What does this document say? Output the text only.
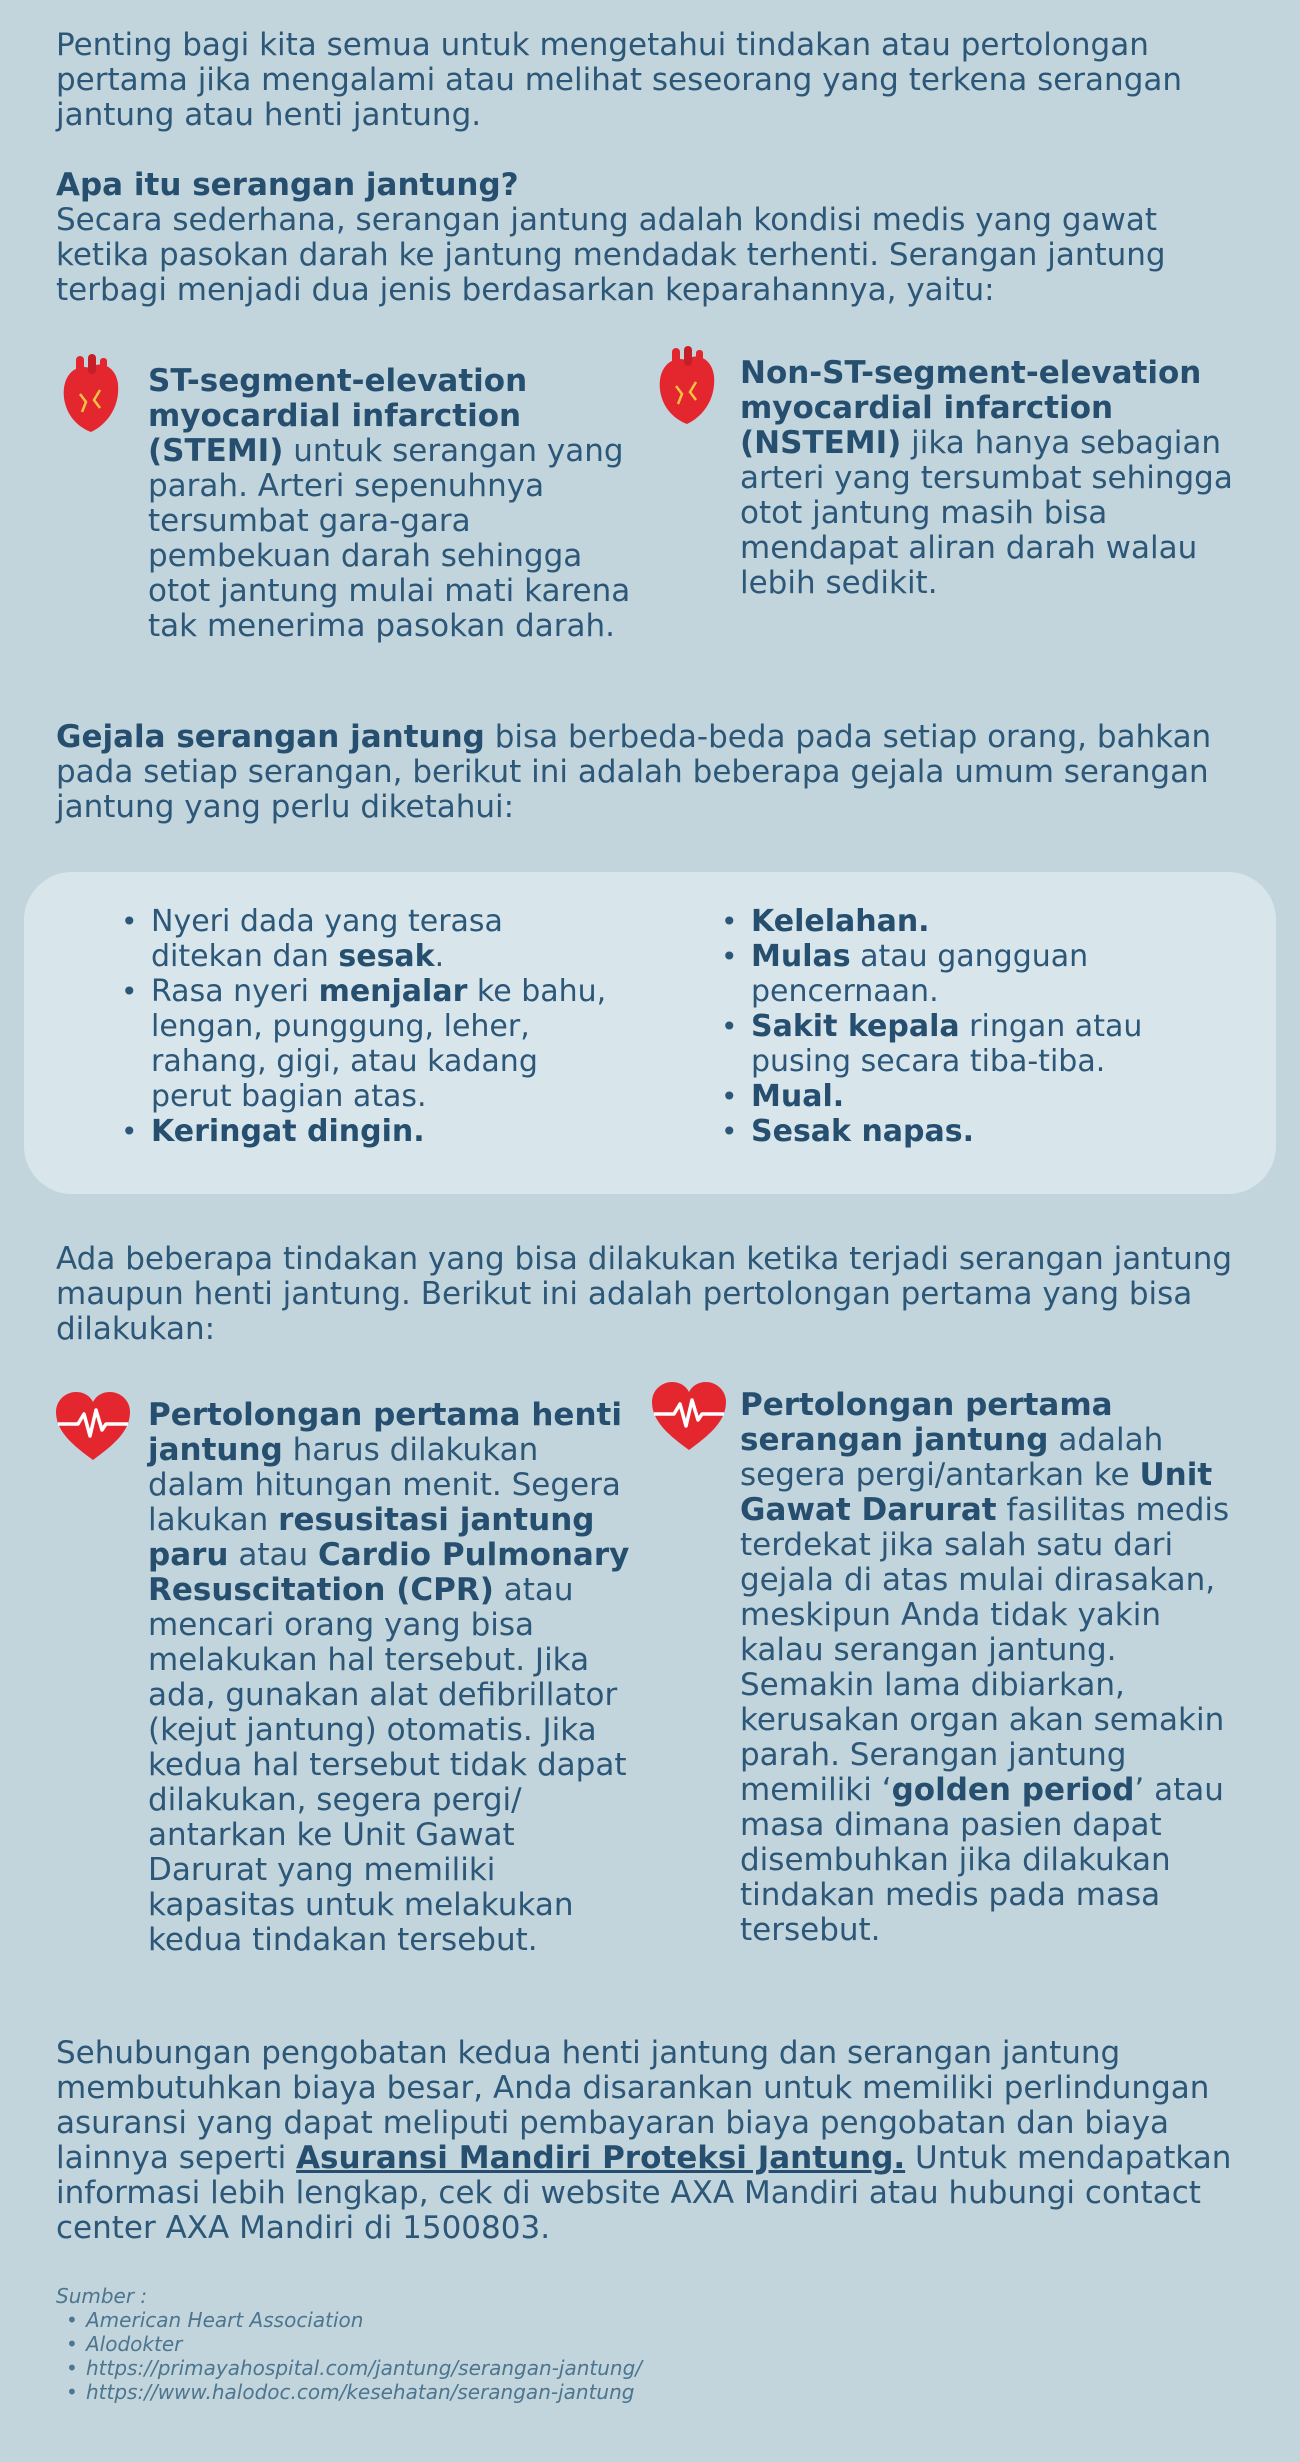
Penting bagi kita semua untuk mengetahui tindakan atau pertolongan pertama jika mengalami atau melihat seseorang yang terkena serangan jantung atau henti jantung.

Apa itu serangan jantung?

Secara sederhana, serangan jantung adalah kondisi medis yang gawat ketika pasokan darah ke jantung mendadak terhenti. Serangan jantung terbagi menjadi dua jenis berdasarkan keparahannya, yaitu:

ST-segment-elevation myocardial infarction (STEMI) untuk serangan yang parah. Arteri sepenuhnya tersumbat gara-gara pembekuan darah sehingga otot jantung mulai mati karena tak menerima pasokan darah.
Non-ST-segment-elevation myocardial infarction (NSTEMI) jika hanya sebagian arteri yang tersumbat sehingga otot jantung masih bisa mendapat aliran darah walau lebih sedikit.
Gejala serangan jantung bisa berbeda-beda pada setiap orang, bahkan pada setiap serangan, berikut ini adalah beberapa gejala umum serangan jantung yang perlu diketahui:
• Nyeri dada yang terasa ditekan dan sesak.
• Rasa nyeri menjalar ke bahu, lengan, punggung, leher, rahang, gigi, atau kadang perut bagian atas.
• Keringat dingin.
• Kelelahan.
• Mulas atau gangguan pencernaan.
• Sakit kepala ringan atau pusing secara tiba-tiba.
• Mual.
• Sesak napas.

Ada beberapa tindakan yang bisa dilakukan ketika terjadi serangan jantung maupun henti jantung. Berikut ini adalah pertolongan pertama yang bisa dilakukan:

Pertolongan pertama henti jantung harus dilakukan dalam hitungan menit. Segera lakukan resusitasi jantung paru atau Cardio Pulmonary Resuscitation (CPR) atau mencari orang yang bisa melakukan hal tersebut. Jika ada, gunakan alat defibrillator (kejut jantung) otomatis. Jika kedua hal tersebut tidak dapat dilakukan, segera pergi/ antarkan ke Unit Gawat Darurat yang memiliki kapasitas untuk melakukan kedua tindakan tersebut.
Pertolongan pertama serangan jantung adalah segera pergi/antarkan ke Unit Gawat Darurat fasilitas medis terdekat jika salah satu dari gejala di atas mulai dirasakan, meskipun Anda tidak yakin kalau serangan jantung. Semakin lama dibiarkan, kerusakan organ akan semakin parah. Serangan jantung memiliki ‘golden period’ atau masa dimana pasien dapat disembuhkan jika dilakukan tindakan medis pada masa tersebut.
Sehubungan pengobatan kedua henti jantung dan serangan jantung membutuhkan biaya besar, Anda disarankan untuk memiliki perlindungan asuransi yang dapat meliputi pembayaran biaya pengobatan dan biaya lainnya seperti Asuransi Mandiri Proteksi Jantung. Untuk mendapatkan informasi lebih lengkap, cek di website AXA Mandiri atau hubungi contact center AXA Mandiri di 1500803.
Sumber :
• American Heart Association
• Alodokter
• https://primayahospital.com/jantung/serangan-jantung/
• https://www.halodoc.com/kesehatan/serangan-jantung
